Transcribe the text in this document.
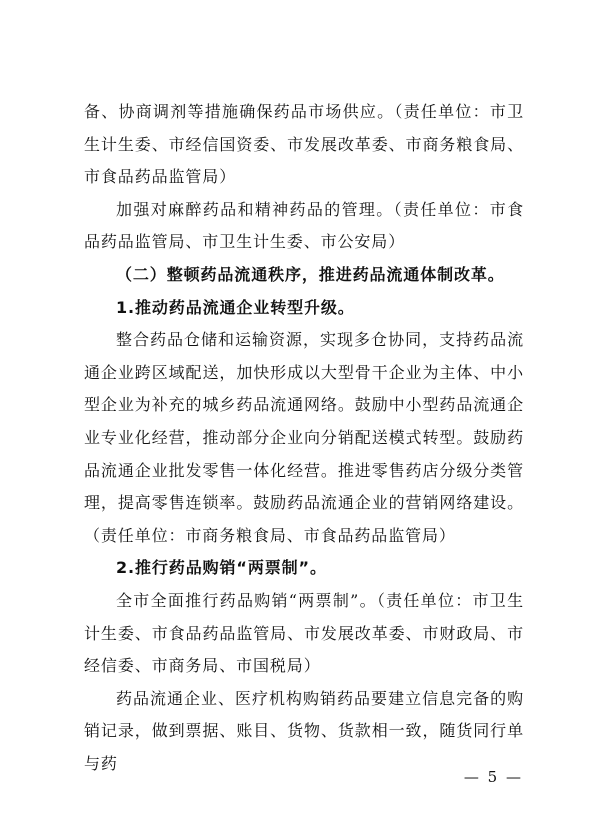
备、协商调剂等措施确保药品市场供应。（责任单位：市卫生计生委、市经信国资委、市发展改革委、市商务粮食局、市食品药品监管局）

加强对麻醉药品和精神药品的管理。（责任单位：市食品药品监管局、市卫生计生委、市公安局）

（二）整顿药品流通秩序，推进药品流通体制改革。

1.推动药品流通企业转型升级。

整合药品仓储和运输资源，实现多仓协同，支持药品流通企业跨区域配送，加快形成以大型骨干企业为主体、中小型企业为补充的城乡药品流通网络。鼓励中小型药品流通企业专业化经营，推动部分企业向分销配送模式转型。鼓励药品流通企业批发零售一体化经营。推进零售药店分级分类管理，提高零售连锁率。鼓励药品流通企业的营销网络建设。（责任单位：市商务粮食局、市食品药品监管局）

2.推行药品购销“两票制”。

全市全面推行药品购销“两票制”。（责任单位：市卫生计生委、市食品药品监管局、市发展改革委、市财政局、市经信委、市商务局、市国税局）

药品流通企业、医疗机构购销药品要建立信息完备的购销记录，做到票据、账目、货物、货款相一致，随货同行单与药

— 5 —
